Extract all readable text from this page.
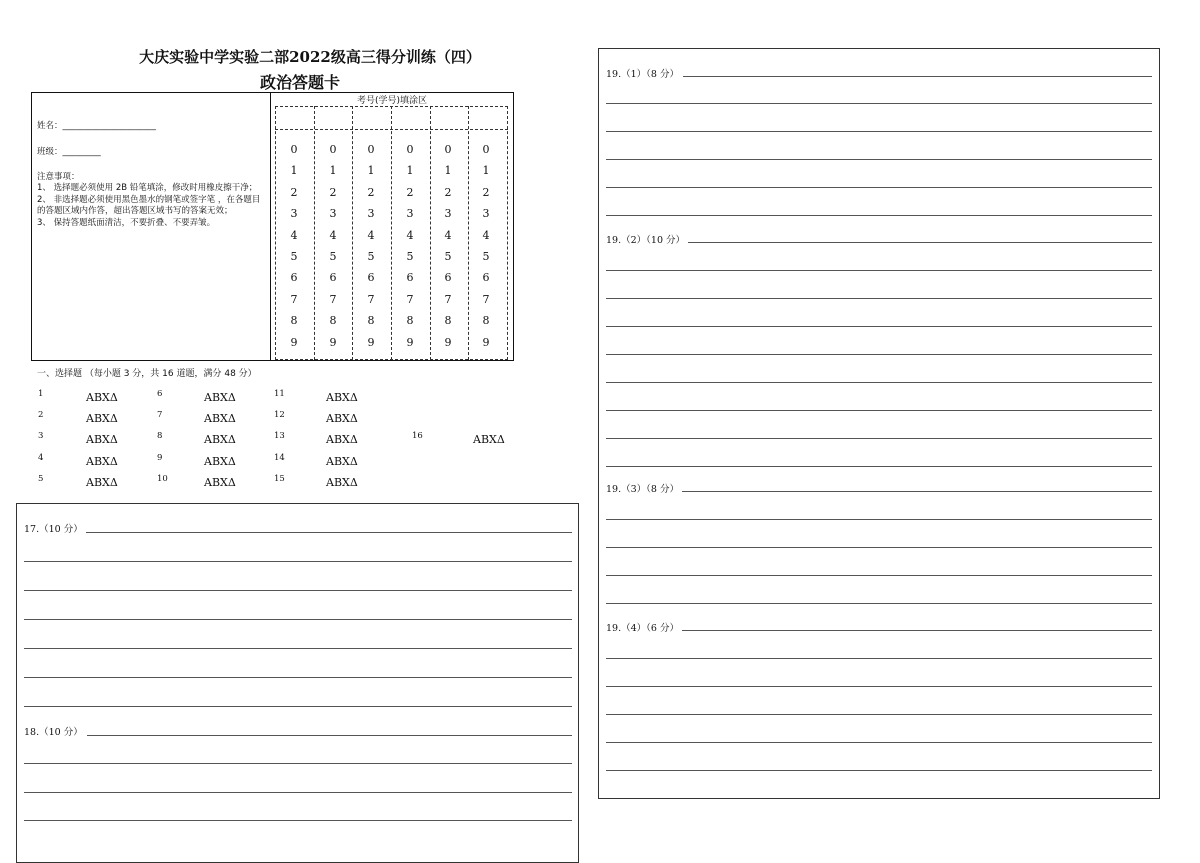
大庆实验中学实验二部2022级高三得分训练（四）
政治答题卡
姓名：______________________
班级：_________
注意事项：
1、 选择题必须使用 2B 铅笔填涂，修改时用橡皮擦干净；
2、 非选择题必须使用黑色墨水的钢笔或签字笔 ，在各题目的答题区域内作答，超出答题区域书写的答案无效；
3、 保持答题纸面清洁，不要折叠、不要弄皱。
考号(学号)填涂区
0	0	0	0	0	0
1	1	1	1	1	1
2	2	2	2	2	2
3	3	3	3	3	3
4	4	4	4	4	4
5	5	5	5	5	5
6	6	6	6	6	6
7	7	7	7	7	7
8	8	8	8	8	8
9	9	9	9	9	9
一、选择题 （每小题 3 分，共 16 道题，满分 48 分）
1	ABXΔ
2	ABXΔ
3	ABXΔ
4	ABXΔ
5	ABXΔ
6	ABXΔ
7	ABXΔ
8	ABXΔ
9	ABXΔ
10	ABXΔ
11	ABXΔ
12	ABXΔ
13	ABXΔ
14	ABXΔ
15	ABXΔ
16	ABXΔ
17.（10 分）
18.（10 分）
19.（1）（8 分）
19.（2）（10 分）
19.（3）（8 分）
19.（4）（6 分）
